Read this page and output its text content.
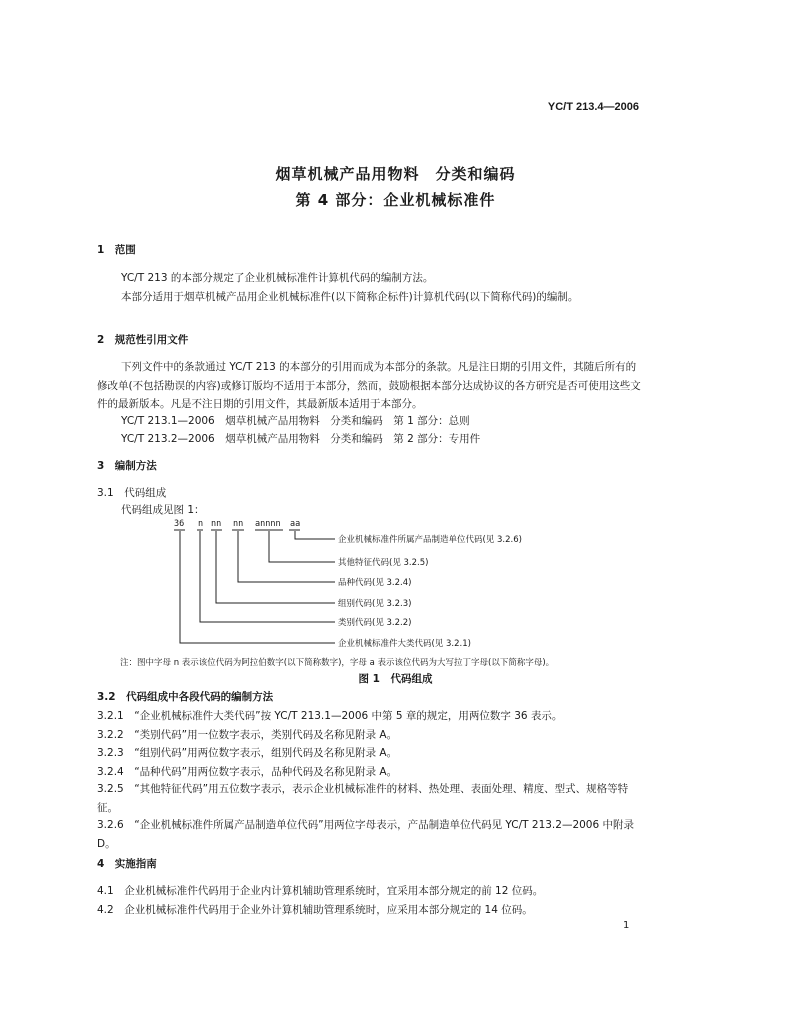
YC/T 213.4—2006
烟草机械产品用物料　分类和编码
第 4 部分：企业机械标准件
1　范围
YC/T 213 的本部分规定了企业机械标准件计算机代码的编制方法。
本部分适用于烟草机械产品用企业机械标准件(以下简称企标件)计算机代码(以下简称代码)的编制。
2　规范性引用文件
下列文件中的条款通过 YC/T 213 的本部分的引用而成为本部分的条款。凡是注日期的引用文件，其随后所有的修改单(不包括勘误的内容)或修订版均不适用于本部分，然而，鼓励根据本部分达成协议的各方研究是否可使用这些文件的最新版本。凡是不注日期的引用文件，其最新版本适用于本部分。
YC/T 213.1—2006　烟草机械产品用物料　分类和编码　第 1 部分：总则
YC/T 213.2—2006　烟草机械产品用物料　分类和编码　第 2 部分：专用件
3　编制方法
3.1　代码组成
代码组成见图 1：
36 n nn nn annnn aa
企业机械标准件所属产品制造单位代码(见 3.2.6)
其他特征代码(见 3.2.5)
品种代码(见 3.2.4)
组别代码(见 3.2.3)
类别代码(见 3.2.2)
企业机械标准件大类代码(见 3.2.1)
注：图中字母 n 表示该位代码为阿拉伯数字(以下简称数字)，字母 a 表示该位代码为大写拉丁字母(以下简称字母)。
图 1　代码组成
3.2　代码组成中各段代码的编制方法
3.2.1　“企业机械标准件大类代码”按 YC/T 213.1—2006 中第 5 章的规定，用两位数字 36 表示。
3.2.2　“类别代码”用一位数字表示，类别代码及名称见附录 A。
3.2.3　“组别代码”用两位数字表示，组别代码及名称见附录 A。
3.2.4　“品种代码”用两位数字表示，品种代码及名称见附录 A。
3.2.5　“其他特征代码”用五位数字表示，表示企业机械标准件的材料、热处理、表面处理、精度、型式、规格等特征。
3.2.6　“企业机械标准件所属产品制造单位代码”用两位字母表示，产品制造单位代码见 YC/T 213.2—2006 中附录 D。
4　实施指南
4.1　企业机械标准件代码用于企业内计算机辅助管理系统时，宜采用本部分规定的前 12 位码。
4.2　企业机械标准件代码用于企业外计算机辅助管理系统时，应采用本部分规定的 14 位码。
1
